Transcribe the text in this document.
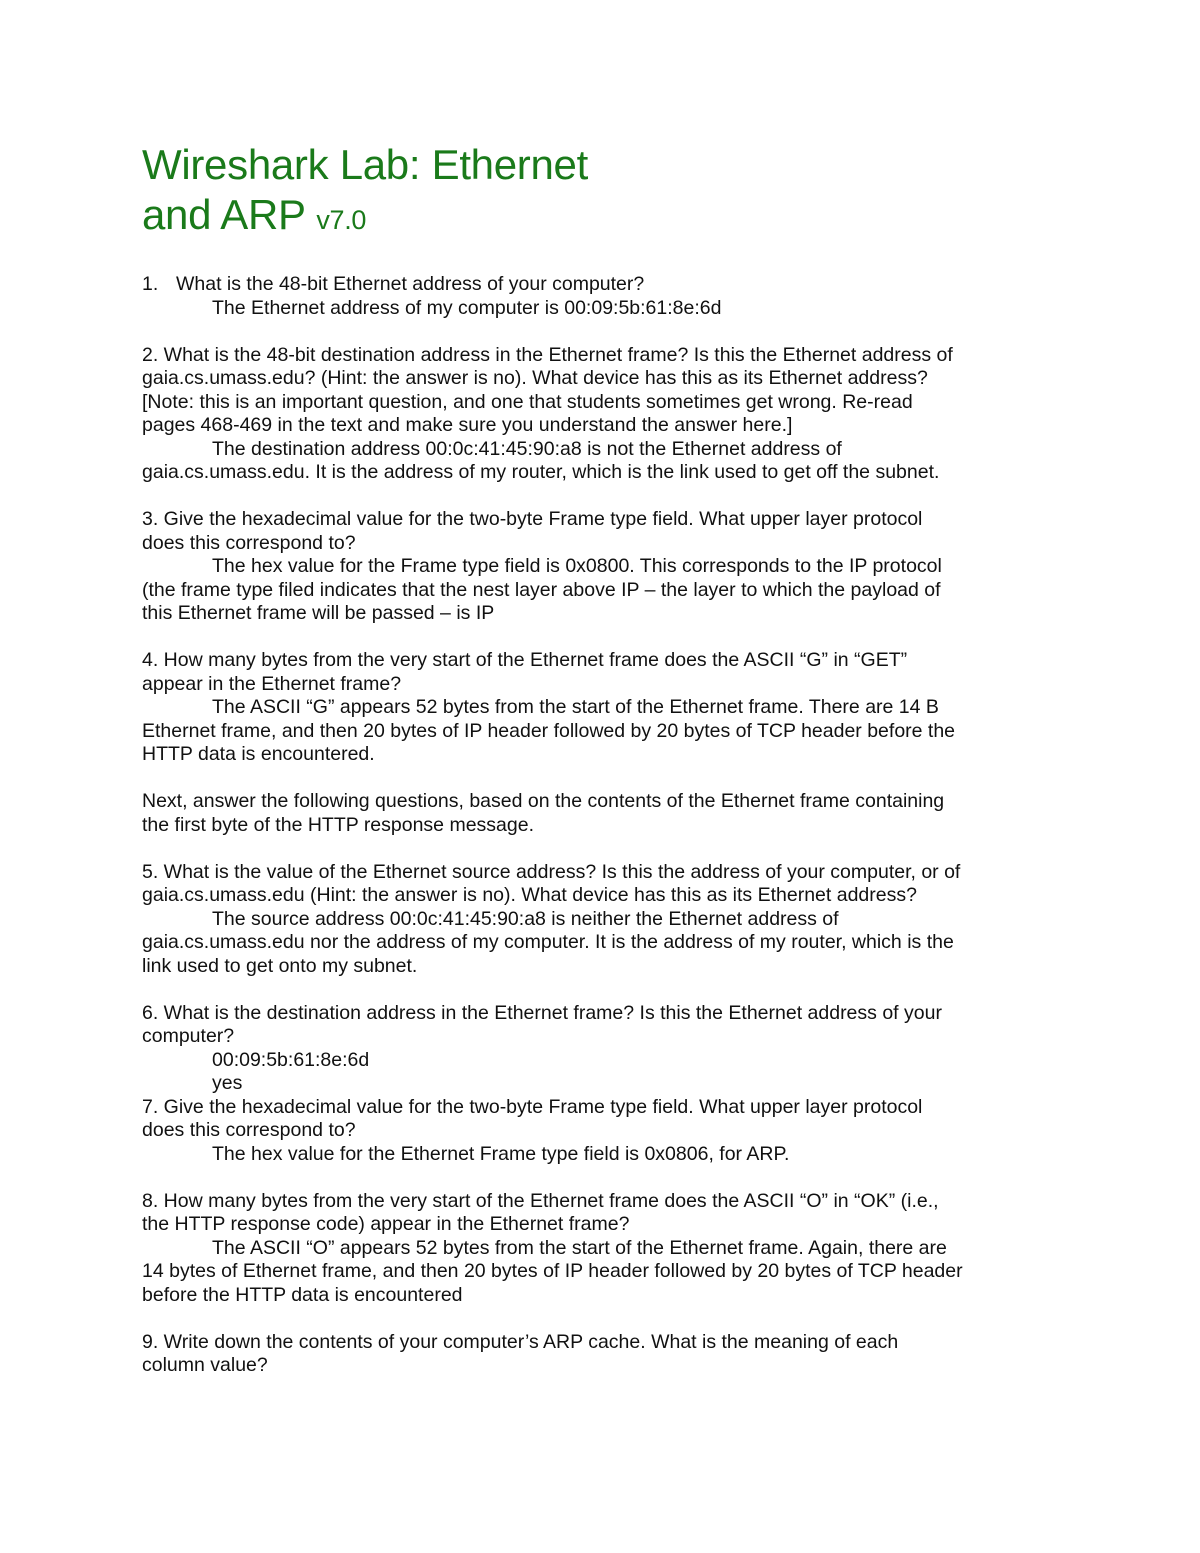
Wireshark Lab: Ethernet
and ARP v7.0
1. What is the 48-bit Ethernet address of your computer?
The Ethernet address of my computer is 00:09:5b:61:8e:6d
2. What is the 48-bit destination address in the Ethernet frame? Is this the Ethernet address of
gaia.cs.umass.edu? (Hint: the answer is no). What device has this as its Ethernet address?
[Note: this is an important question, and one that students sometimes get wrong. Re-read
pages 468-469 in the text and make sure you understand the answer here.]
The destination address 00:0c:41:45:90:a8 is not the Ethernet address of
gaia.cs.umass.edu. It is the address of my router, which is the link used to get off the subnet.
3. Give the hexadecimal value for the two-byte Frame type field. What upper layer protocol
does this correspond to?
The hex value for the Frame type field is 0x0800. This corresponds to the IP protocol
(the frame type filed indicates that the nest layer above IP – the layer to which the payload of
this Ethernet frame will be passed – is IP
4. How many bytes from the very start of the Ethernet frame does the ASCII “G” in “GET”
appear in the Ethernet frame?
The ASCII “G” appears 52 bytes from the start of the Ethernet frame. There are 14 B
Ethernet frame, and then 20 bytes of IP header followed by 20 bytes of TCP header before the
HTTP data is encountered.
Next, answer the following questions, based on the contents of the Ethernet frame containing
the first byte of the HTTP response message.
5. What is the value of the Ethernet source address? Is this the address of your computer, or of
gaia.cs.umass.edu (Hint: the answer is no). What device has this as its Ethernet address?
The source address 00:0c:41:45:90:a8 is neither the Ethernet address of
gaia.cs.umass.edu nor the address of my computer. It is the address of my router, which is the
link used to get onto my subnet.
6. What is the destination address in the Ethernet frame? Is this the Ethernet address of your
computer?
00:09:5b:61:8e:6d
yes
7. Give the hexadecimal value for the two-byte Frame type field. What upper layer protocol
does this correspond to?
The hex value for the Ethernet Frame type field is 0x0806, for ARP.
8. How many bytes from the very start of the Ethernet frame does the ASCII “O” in “OK” (i.e.,
the HTTP response code) appear in the Ethernet frame?
The ASCII “O” appears 52 bytes from the start of the Ethernet frame. Again, there are
14 bytes of Ethernet frame, and then 20 bytes of IP header followed by 20 bytes of TCP header
before the HTTP data is encountered
9. Write down the contents of your computer’s ARP cache. What is the meaning of each
column value?
